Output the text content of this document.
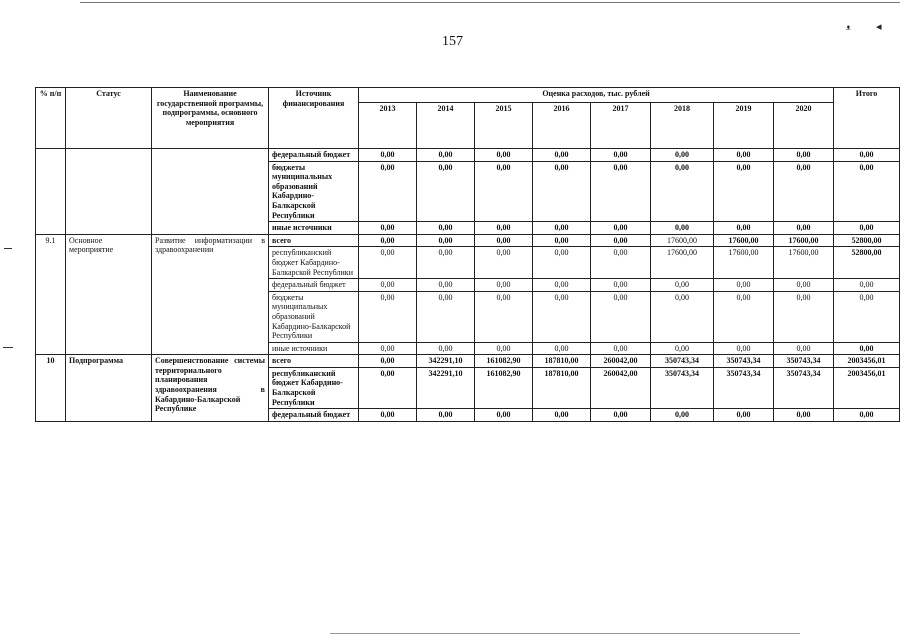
ᴥ ◂
157
% п/п	Статус	Наименование государственной программы, подпрограммы, основного мероприятия	Источник финансирования	Оценка расходов, тыс. рублей								Итого
				2013	2014	2015	2016	2017	2018	2019	2020	
			федеральный бюджет	0,00	0,00	0,00	0,00	0,00	0,00	0,00	0,00	0,00
			бюджеты муниципальных образований Кабардино-Балкарской Республики	0,00	0,00	0,00	0,00	0,00	0,00	0,00	0,00	0,00
			иные источники	0,00	0,00	0,00	0,00	0,00	0,00	0,00	0,00	0,00
9.1	Основное мероприятие	Развитие информатизации в здравоохранении	всего	0,00	0,00	0,00	0,00	0,00	17600,00	17600,00	17600,00	52800,00
			республиканский бюджет Кабардино-Балкарской Республики	0,00	0,00	0,00	0,00	0,00	17600,00	17600,00	17600,00	52800,00
			федеральный бюджет	0,00	0,00	0,00	0,00	0,00	0,00	0,00	0,00	0,00
			бюджеты муниципальных образований Кабардино-Балкарской Республики	0,00	0,00	0,00	0,00	0,00	0,00	0,00	0,00	0,00
			иные источники	0,00	0,00	0,00	0,00	0,00	0,00	0,00	0,00	0,00
10	Подпрограмма	Совершенствование системы территориального планирования здравоохранения в Кабардино-Балкарской Республике	всего	0,00	342291,10	161082,90	187810,00	260042,00	350743,34	350743,34	350743,34	2003456,01
			республиканский бюджет Кабардино-Балкарской Республики	0,00	342291,10	161082,90	187810,00	260042,00	350743,34	350743,34	350743,34	2003456,01
			федеральный бюджет	0,00	0,00	0,00	0,00	0,00	0,00	0,00	0,00	0,00
